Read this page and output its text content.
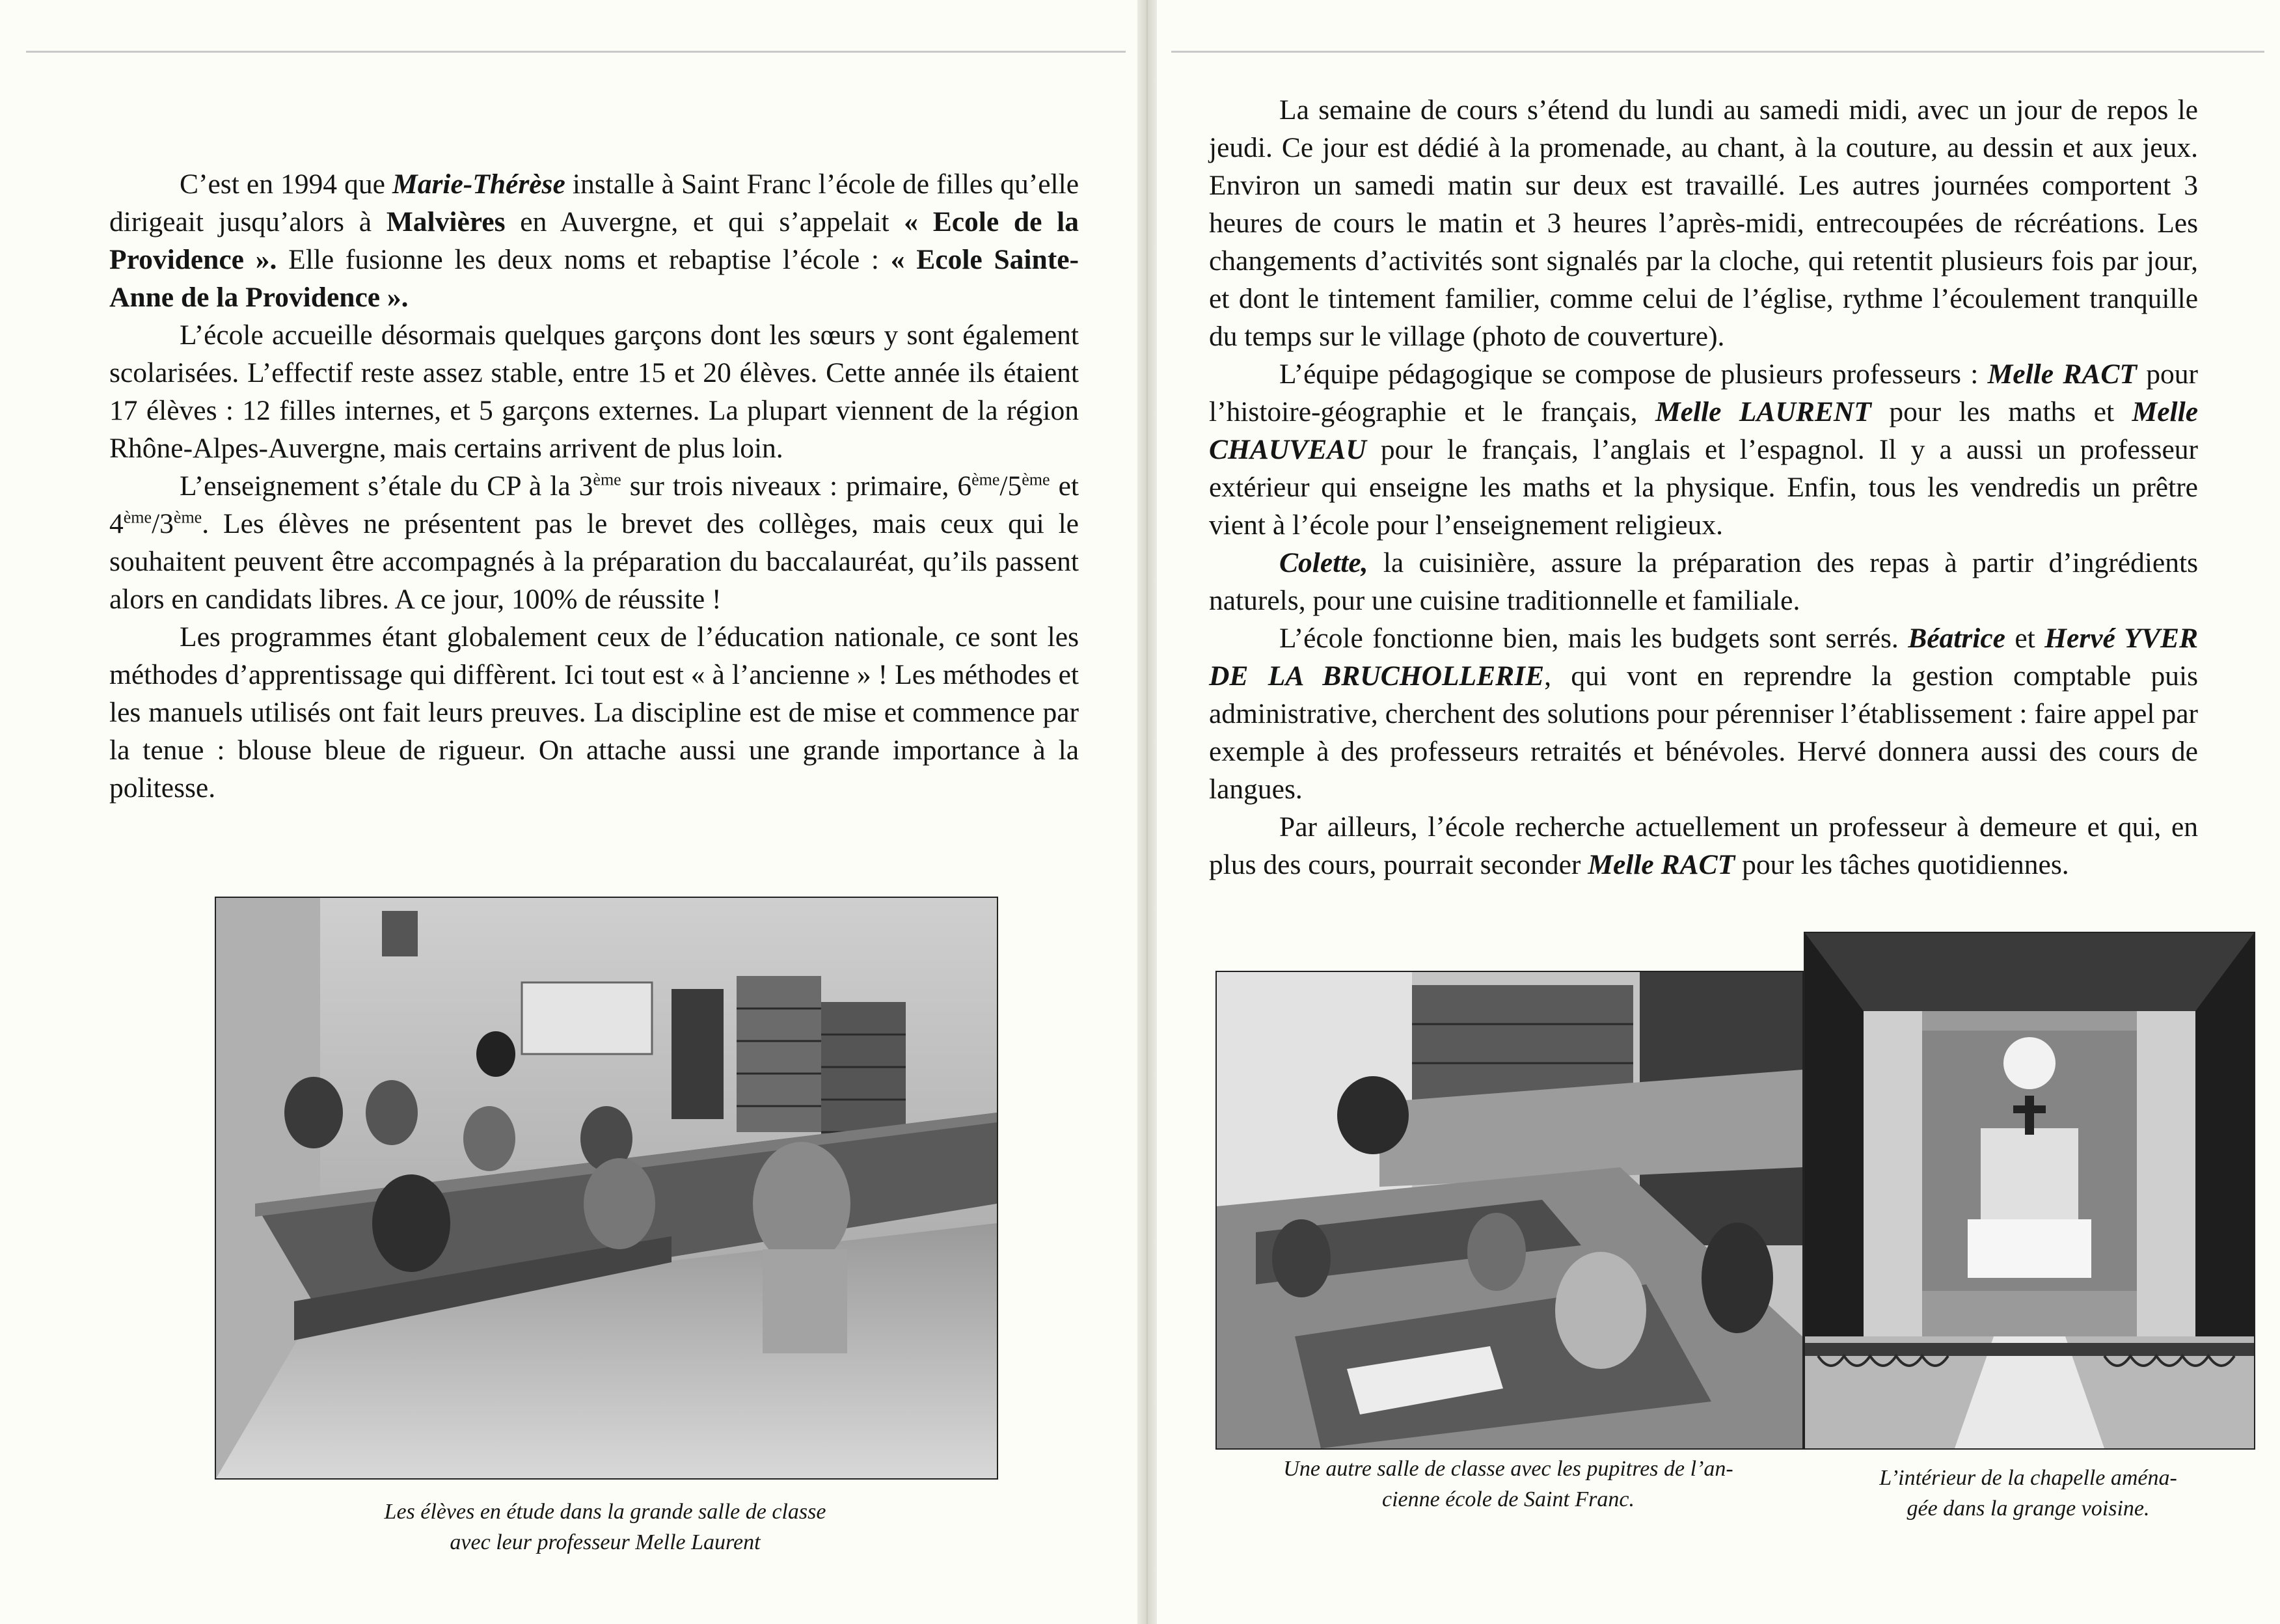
C’est en 1994 que Marie-Thérèse installe à Saint Franc l’école de filles qu’elle dirigeait jusqu’alors à Malvières en Auvergne, et qui s’appelait « Ecole de la Providence ». Elle fusionne les deux noms et rebaptise l’école : « Ecole Sainte-Anne de la Providence ».

L’école accueille désormais quelques garçons dont les sœurs y sont également scolarisées. L’effectif reste assez stable, entre 15 et 20 élèves. Cette année ils étaient 17 élèves : 12 filles internes, et 5 garçons externes. La plupart viennent de la région Rhône-Alpes-Auvergne, mais certains arrivent de plus loin.

L’enseignement s’étale du CP à la 3ème sur trois niveaux : primaire, 6ème/5ème et 4ème/3ème. Les élèves ne présentent pas le brevet des collèges, mais ceux qui le souhaitent peuvent être accompagnés à la préparation du baccalauréat, qu’ils passent alors en candidats libres. A ce jour, 100% de réussite !

Les programmes étant globalement ceux de l’éducation nationale, ce sont les méthodes d’apprentissage qui diffèrent. Ici tout est « à l’ancienne » ! Les méthodes et les manuels utilisés ont fait leurs preuves. La discipline est de mise et commence par la tenue : blouse bleue de rigueur. On attache aussi une grande importance à la politesse.

Les élèves en étude dans la grande salle de classe
avec leur professeur Melle Laurent

La semaine de cours s’étend du lundi au samedi midi, avec un jour de repos le jeudi. Ce jour est dédié à la promenade, au chant, à la couture, au dessin et aux jeux. Environ un samedi matin sur deux est travaillé. Les autres journées comportent 3 heures de cours le matin et 3 heures l’après-midi, entrecoupées de récréations. Les changements d’activités sont signalés par la cloche, qui retentit plusieurs fois par jour, et dont le tintement familier, comme celui de l’église, rythme l’écoulement tranquille du temps sur le village (photo de couverture).

L’équipe pédagogique se compose de plusieurs professeurs : Melle RACT pour l’histoire-géographie et le français, Melle LAURENT pour les maths et Melle CHAUVEAU pour le français, l’anglais et l’espagnol. Il y a aussi un professeur extérieur qui enseigne les maths et la physique. Enfin, tous les vendredis un prêtre vient à l’école pour l’enseignement religieux.

Colette, la cuisinière, assure la préparation des repas à partir d’ingrédients naturels, pour une cuisine traditionnelle et familiale.

L’école fonctionne bien, mais les budgets sont serrés. Béatrice et Hervé YVER DE LA BRUCHOLLERIE, qui vont en reprendre la gestion comptable puis administrative, cherchent des solutions pour pérenniser l’établissement : faire appel par exemple à des professeurs retraités et bénévoles. Hervé donnera aussi des cours de langues.

Par ailleurs, l’école recherche actuellement un professeur à demeure et qui, en plus des cours, pourrait seconder Melle RACT pour les tâches quotidiennes.

Une autre salle de classe avec les pupitres de l’an-
cienne école de Saint Franc.
L’intérieur de la chapelle aména-
gée dans la grange voisine.
